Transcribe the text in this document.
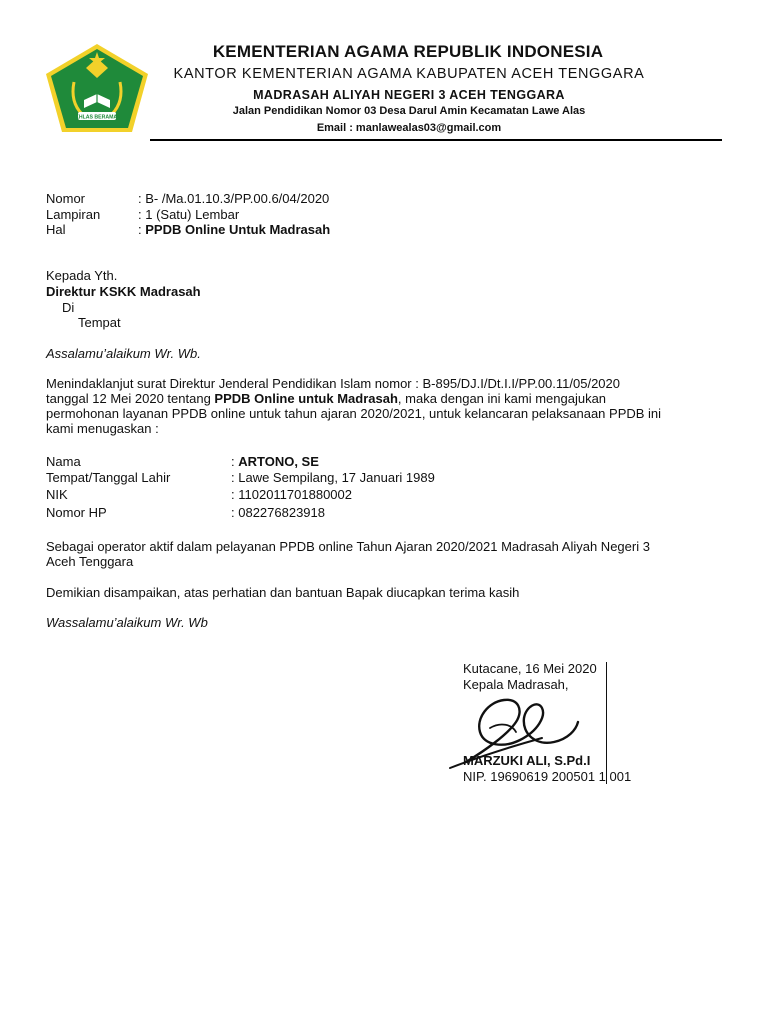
IKHLAS BERAMAL
KEMENTERIAN AGAMA REPUBLIK INDONESIA
KANTOR KEMENTERIAN AGAMA KABUPATEN ACEH TENGGARA
MADRASAH ALIYAH NEGERI 3 ACEH TENGGARA
Jalan Pendidikan Nomor 03 Desa Darul Amin Kecamatan Lawe Alas
Email : manlawealas03@gmail.com
Nomor	: B- /Ma.01.10.3/PP.00.6/04/2020
Lampiran	: 1 (Satu) Lembar
Hal	: PPDB Online Untuk Madrasah
Kepada Yth.
Direktur KSKK Madrasah
Di
Tempat
Assalamu’alaikum Wr. Wb.
Menindaklanjut surat Direktur Jenderal Pendidikan Islam nomor : B-895/DJ.I/Dt.I.I/PP.00.11/05/2020
tanggal 12 Mei 2020 tentang PPDB Online untuk Madrasah, maka dengan ini kami mengajukan
permohonan layanan PPDB online untuk tahun ajaran 2020/2021, untuk kelancaran pelaksanaan PPDB ini
kami menugaskan :
Nama	: ARTONO, SE
Tempat/Tanggal Lahir	: Lawe Sempilang, 17 Januari 1989
NIK	: 1102011701880002
Nomor HP	: 082276823918
Sebagai operator aktif dalam pelayanan PPDB online Tahun Ajaran 2020/2021 Madrasah Aliyah Negeri 3
Aceh Tenggara
Demikian disampaikan, atas perhatian dan bantuan Bapak diucapkan terima kasih
Wassalamu’alaikum Wr. Wb
Kutacane, 16 Mei 2020
Kepala Madrasah,
MARZUKI ALI, S.Pd.I
NIP. 19690619 200501 1 001
